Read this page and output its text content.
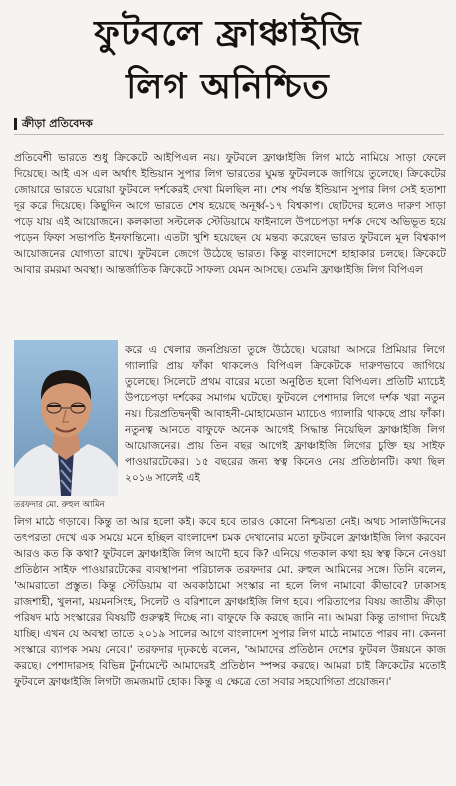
ফুটবলে ফ্রাঞ্চাইজি
লিগ অনিশ্চিত
ক্রীড়া প্রতিবেদক
প্রতিবেশী ভারতে শুধু ক্রিকেটে আইপিএল নয়। ফুটবলে ফ্রাঞ্চাইজি লিগ মাঠে নামিয়ে সাড়া ফেলে দিয়েছে। আই এস এল অর্থাৎ ইন্ডিয়ান সুপার লিগ ভারতের ঘুমন্ত ফুটবলকে জাগিয়ে তুলেছে। ক্রিকেটের জোয়ারে ভারতে ঘরোয়া ফুটবলে দর্শকেরই দেখা মিলছিল না। শেষ পর্যন্ত ইন্ডিয়ান সুপার লিগ সেই হতাশা দূর করে দিয়েছে। কিছুদিন আগে ভারতে শেষ হয়েছে অনূর্ধ্ব-১৭ বিশ্বকাপ। ছোটদের হলেও দারুণ সাড়া পড়ে যায় এই আয়োজনে। কলকাতা সল্টলেক স্টেডিয়ামে ফাইনালে উপচেপড়া দর্শক দেখে অভিভূত হয়ে পড়েন ফিফা সভাপতি ইনফান্তিনো। এতটা খুশি হয়েছেন যে মন্তব্য করেছেন ভারত ফুটবলে মূল বিশ্বকাপ আয়োজনের যোগ্যতা রাখে। ফুটবলে জেগে উঠেছে ভারত। কিন্তু বাংলাদেশে হাহাকার চলছে। ক্রিকেটে আবার রমরমা অবস্থা। আন্তর্জাতিক ক্রিকেটে সাফল্য যেমন আসছে। তেমনি ফ্রাঞ্চাইজি লিগ বিপিএল
তরফদার মো. রুহুল আমিন
করে এ খেলার জনপ্রিয়তা তুঙ্গে উঠেছে। ঘরোয়া আসরে প্রিমিয়ার লিগে গ্যালারি প্রায় ফাঁকা থাকলেও বিপিএল ক্রিকেটকে দারুণভাবে জাগিয়ে তুলেছে। সিলেটে প্রথম বারের মতো অনুষ্ঠিত হলো বিপিএল। প্রতিটি ম্যাচেই উপচেপড়া দর্শকের সমাগম ঘটেছে। ফুটবলে পেশাদার লিগে দর্শক খরা নতুন নয়। চিরপ্রতিদ্বন্দ্বী আবাহনী-মোহামেডান ম্যাচেও গ্যালারি থাকছে প্রায় ফাঁকা। নতুনত্ব আনতে বাফুফে অনেক আগেই সিদ্ধান্ত নিয়েছিল ফ্রাঞ্চাইজি লিগ আয়োজনের। প্রায় তিন বছর আগেই ফ্রাঞ্চাইজি লিগের চুক্তি হয় সাইফ পাওয়ারটেকের। ১৫ বছরের জন্য স্বত্ব কিনেও নেয় প্রতিষ্ঠানটি। কথা ছিল ২০১৬ সালেই এই
লিগ মাঠে গড়াবে। কিন্তু তা আর হলো কই। কবে হবে তারও কোনো নিশ্চয়তা নেই। অথচ সালাউদ্দিনের তৎপরতা দেখে এক সময়ে মনে হচ্ছিল বাংলাদেশ চমক দেখানোর মতো ফুটবলে ফ্রাঞ্চাইজি লিগ করবেন আরও কত কি কথা? ফুটবলে ফ্রাঞ্চাইজি লিগ আদৌ হবে কি? এনিয়ে গতকাল কথা হয় স্বত্ব কিনে নেওয়া প্রতিষ্ঠান সাইফ পাওয়ারটেকের ব্যবস্থাপনা পরিচালক তরফদার মো. রুহুল আমিনের সঙ্গে। তিনি বলেন, 'আমরাতো প্রস্তুত। কিন্তু স্টেডিয়াম বা অবকাঠামো সংস্কার না হলে লিগ নামাবো কীভাবে? ঢাকাসহ রাজশাহী, খুলনা, ময়মনসিংহ, সিলেট ও বরিশালে ফ্রাঞ্চাইজি লিগ হবে। পরিতাপের বিষয় জাতীয় ক্রীড়া পরিষদ মাঠ সংস্কারের বিষয়টি গুরুত্বই দিচ্ছে না। বাফুফে কি করছে জানি না। আমরা কিন্তু তাগাদা দিয়েই যাচ্ছি। এখন যে অবস্থা তাতে ২০১৯ সালের আগে বাংলাদেশ সুপার লিগ মাঠে নামাতে পারব না। কেননা সংস্কারে ব্যাপক সময় নেবে।' তরফদার দৃঢ়কণ্ঠে বলেন, 'আমাদের প্রতিষ্ঠান দেশের ফুটবল উন্নয়নে কাজ করছে। পেশাদারসহ বিভিন্ন টুর্নামেন্টে আমাদেরই প্রতিষ্ঠান স্পন্সর করছে। আমরা চাই ক্রিকেটের মতোই ফুটবলে ফ্রাঞ্চাইজি লিগটা জমজমাট হোক। কিন্তু এ ক্ষেত্রে তো সবার সহযোগিতা প্রয়োজন।'
